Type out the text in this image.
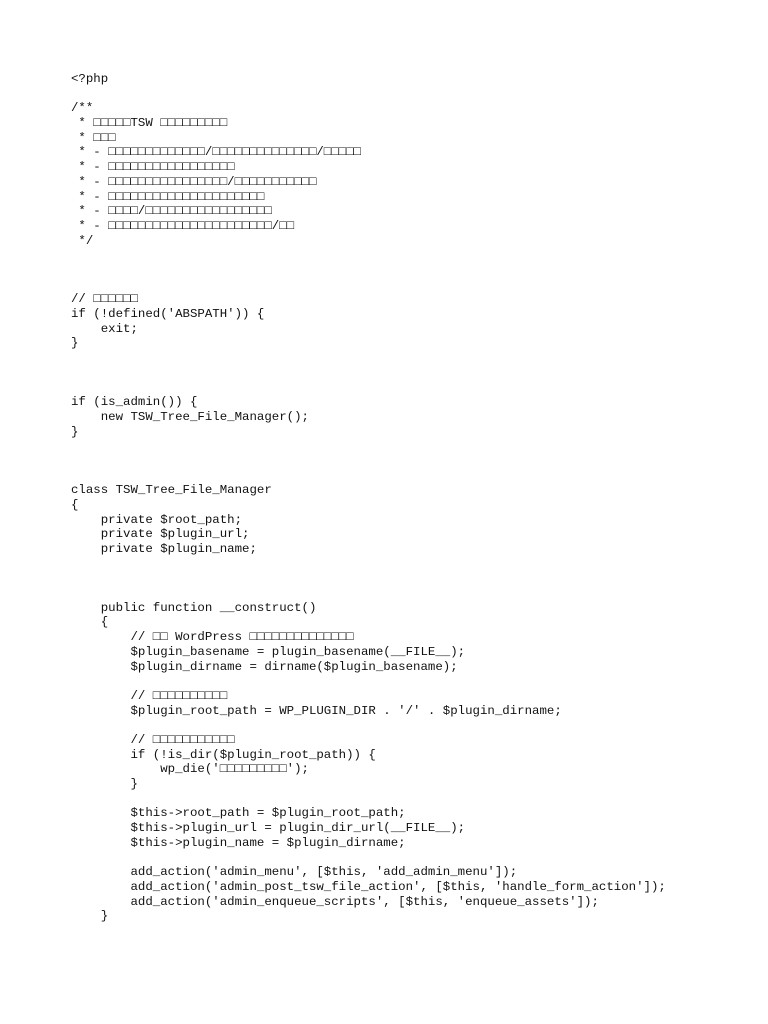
<?php
/**
* □□□□□TSW □□□□□□□□□
* □□□
* - □□□□□□□□□□□□□/□□□□□□□□□□□□□□/□□□□□
* - □□□□□□□□□□□□□□□□□
* - □□□□□□□□□□□□□□□□/□□□□□□□□□□□
* - □□□□□□□□□□□□□□□□□□□□□
* - □□□□/□□□□□□□□□□□□□□□□□
* - □□□□□□□□□□□□□□□□□□□□□□/□□
*/
// □□□□□□
if (!defined('ABSPATH')) {
exit;
}
if (is_admin()) {
new TSW_Tree_File_Manager();
}
class TSW_Tree_File_Manager
{
private $root_path;
private $plugin_url;
private $plugin_name;
public function __construct()
{
// □□ WordPress □□□□□□□□□□□□□□
$plugin_basename = plugin_basename(__FILE__);
$plugin_dirname = dirname($plugin_basename);
// □□□□□□□□□□
$plugin_root_path = WP_PLUGIN_DIR . '/' . $plugin_dirname;
// □□□□□□□□□□□
if (!is_dir($plugin_root_path)) {
wp_die('□□□□□□□□□');
}
$this->root_path = $plugin_root_path;
$this->plugin_url = plugin_dir_url(__FILE__);
$this->plugin_name = $plugin_dirname;
add_action('admin_menu', [$this, 'add_admin_menu']);
add_action('admin_post_tsw_file_action', [$this, 'handle_form_action']);
add_action('admin_enqueue_scripts', [$this, 'enqueue_assets']);
}
